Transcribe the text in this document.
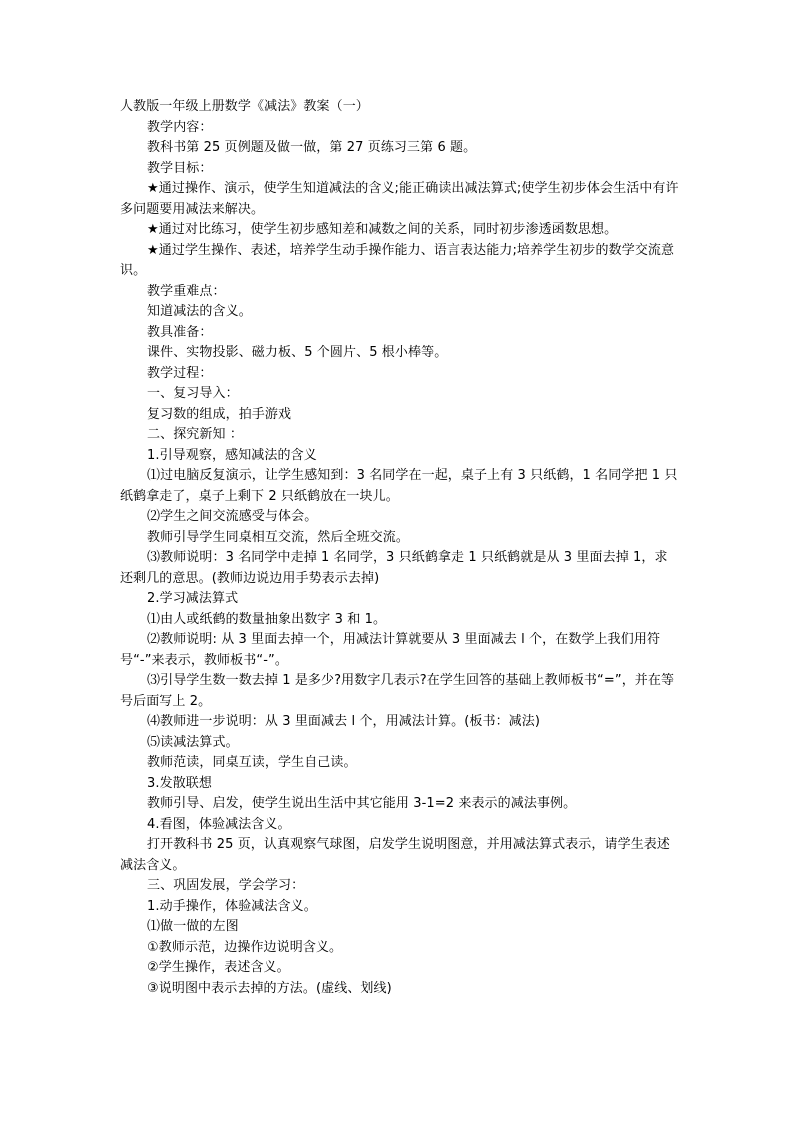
人教版一年级上册数学《减法》教案（一）

教学内容：

教科书第 25 页例题及做一做，第 27 页练习三第 6 题。

教学目标：

★通过操作、演示，使学生知道减法的含义;能正确读出减法算式;使学生初步体会生活中有许多问题要用减法来解决。

★通过对比练习，使学生初步感知差和减数之间的关系，同时初步渗透函数思想。

★通过学生操作、表述，培养学生动手操作能力、语言表达能力;培养学生初步的数学交流意识。

教学重难点：

知道减法的含义。

教具准备：

课件、实物投影、磁力板、5 个圆片、5 根小棒等。

教学过程：

一、复习导入：

复习数的组成，拍手游戏

二、探究新知 ：

1.引导观察，感知减法的含义

⑴过电脑反复演示，让学生感知到：3 名同学在一起，桌子上有 3 只纸鹤，1 名同学把 1 只纸鹤拿走了，桌子上剩下 2 只纸鹤放在一块儿。

⑵学生之间交流感受与体会。

教师引导学生同桌相互交流，然后全班交流。

⑶教师说明：3 名同学中走掉 1 名同学，3 只纸鹤拿走 1 只纸鹤就是从 3 里面去掉 1，求还剩几的意思。(教师边说边用手势表示去掉)

2.学习减法算式

⑴由人或纸鹤的数量抽象出数字 3 和 1。

⑵教师说明: 从 3 里面去掉一个，用减法计算就要从 3 里面减去 l 个，在数学上我们用符号“-”来表示，教师板书“-”。

⑶引导学生数一数去掉 1 是多少?用数字几表示?在学生回答的基础上教师板书“=”，并在等号后面写上 2。

⑷教师进一步说明：从 3 里面减去 l 个，用减法计算。(板书：减法)

⑸读减法算式。

教师范读，同桌互读，学生自己读。

3.发散联想

教师引导、启发，使学生说出生活中其它能用 3-1=2 来表示的减法事例。

4.看图，体验减法含义。

打开教科书 25 页，认真观察气球图，启发学生说明图意，并用减法算式表示，请学生表述减法含义。

三、巩固发展，学会学习：

1.动手操作，体验减法含义。

⑴做一做的左图

①教师示范，边操作边说明含义。

②学生操作，表述含义。

③说明图中表示去掉的方法。(虚线、划线)
